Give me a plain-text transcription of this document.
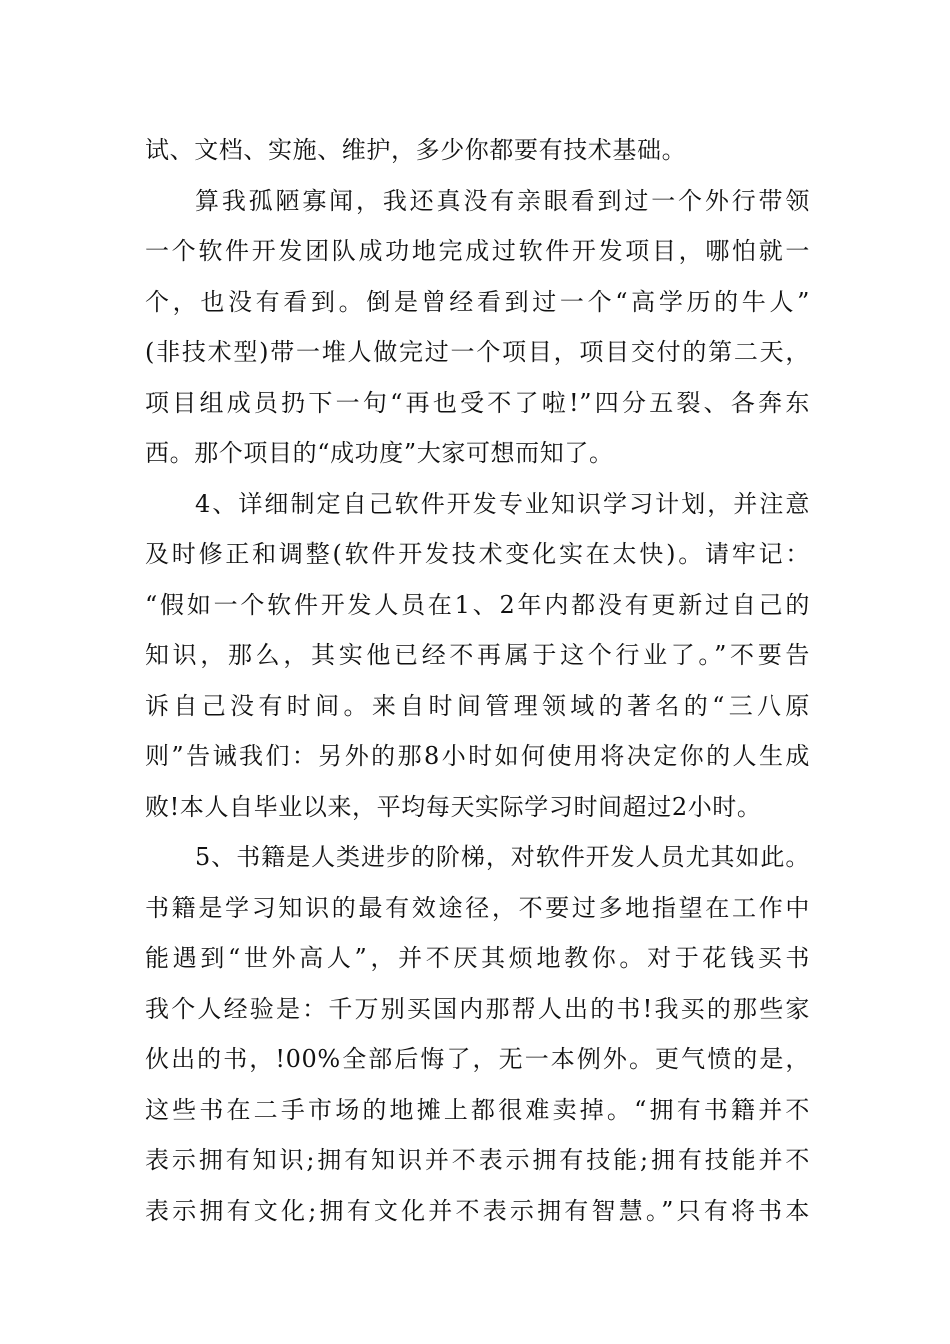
试、文档、实施、维护，多少你都要有技术基础。
算我孤陋寡闻，我还真没有亲眼看到过一个外行带领
一个软件开发团队成功地完成过软件开发项目，哪怕就一
个，也没有看到。倒是曾经看到过一个“高学历的牛人”
(非技术型)带一堆人做完过一个项目，项目交付的第二天，
项目组成员扔下一句“再也受不了啦!”四分五裂、各奔东
西。那个项目的“成功度”大家可想而知了。
4、详细制定自己软件开发专业知识学习计划，并注意
及时修正和调整(软件开发技术变化实在太快)。请牢记：
“假如一个软件开发人员在1、2年内都没有更新过自己的
知识，那么，其实他已经不再属于这个行业了。”不要告
诉自己没有时间。来自时间管理领域的著名的“三八原
则”告诫我们：另外的那8小时如何使用将决定你的人生成
败!本人自毕业以来，平均每天实际学习时间超过2小时。
5、书籍是人类进步的阶梯，对软件开发人员尤其如此。
书籍是学习知识的最有效途径，不要过多地指望在工作中
能遇到“世外高人”，并不厌其烦地教你。对于花钱买书
我个人经验是：千万别买国内那帮人出的书!我买的那些家
伙出的书，!00%全部后悔了，无一本例外。更气愤的是，
这些书在二手市场的地摊上都很难卖掉。“拥有书籍并不
表示拥有知识;拥有知识并不表示拥有技能;拥有技能并不
表示拥有文化;拥有文化并不表示拥有智慧。”只有将书本
